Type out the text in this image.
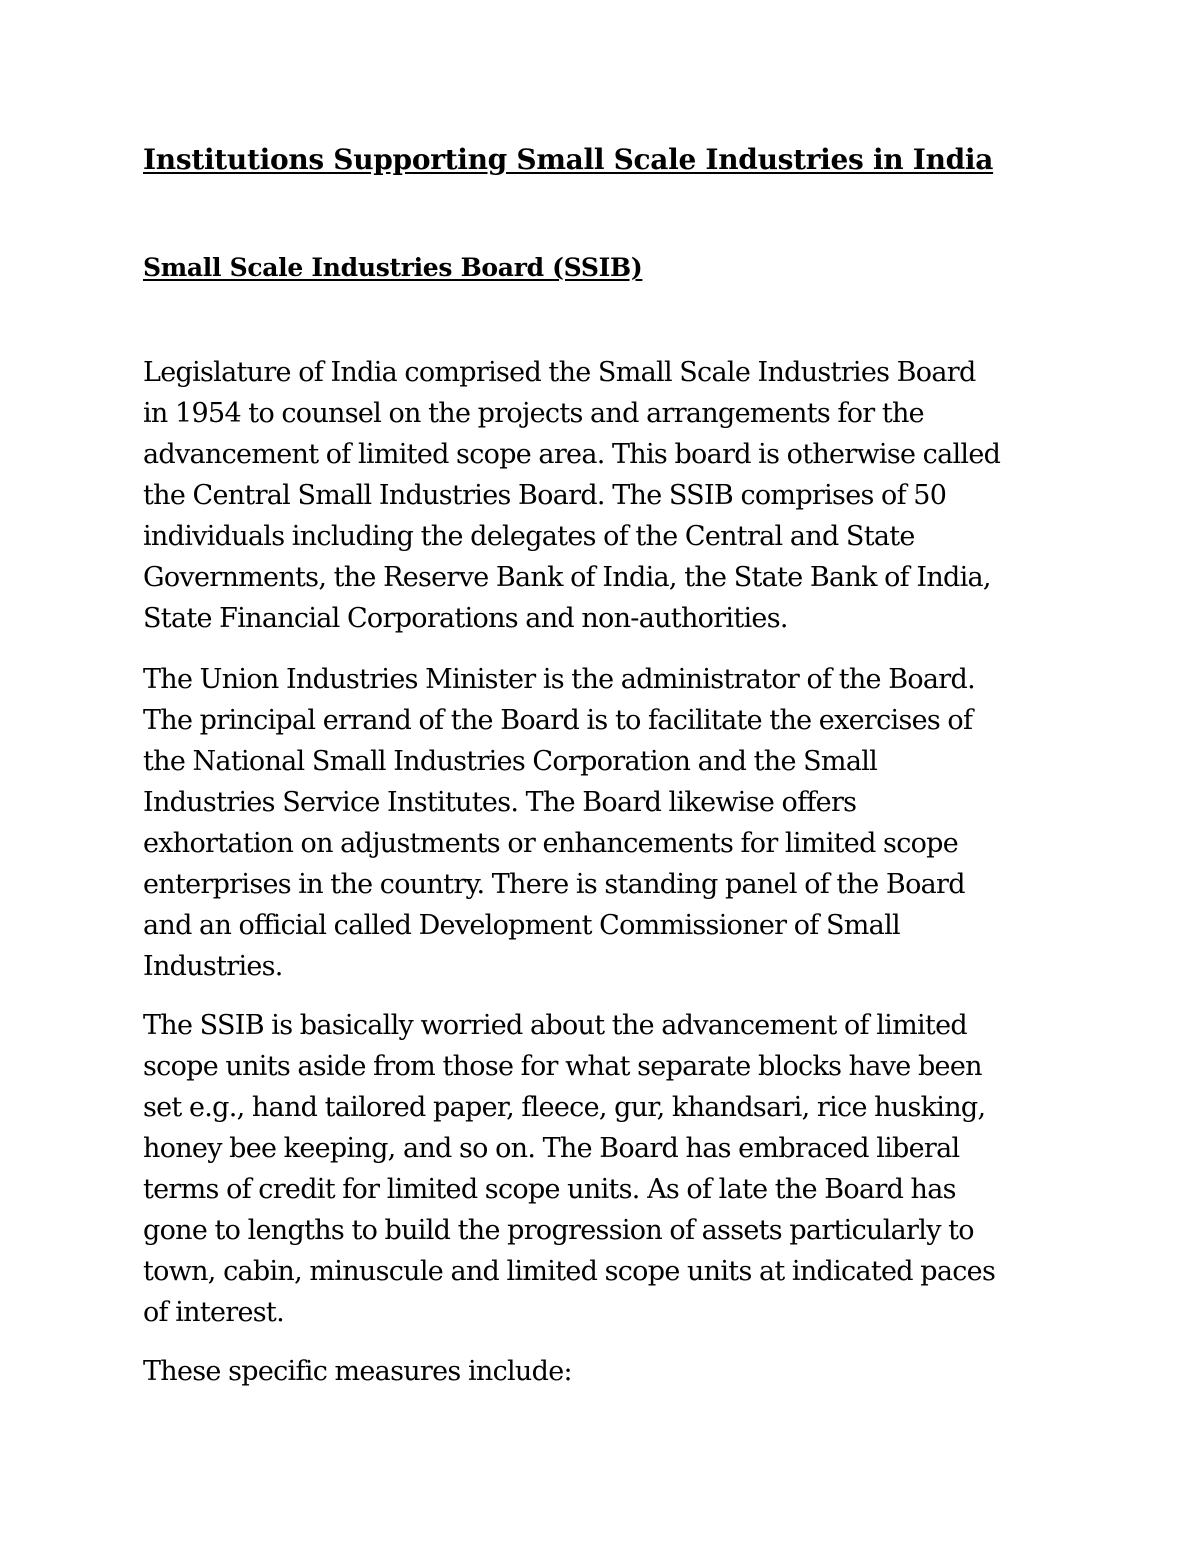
Institutions Supporting Small Scale Industries in India
Small Scale Industries Board (SSIB)

Legislature of India comprised the Small Scale Industries Board
in 1954 to counsel on the projects and arrangements for the
advancement of limited scope area. This board is otherwise called
the Central Small Industries Board. The SSIB comprises of 50
individuals including the delegates of the Central and State
Governments, the Reserve Bank of India, the State Bank of India,
State Financial Corporations and non-authorities.

The Union Industries Minister is the administrator of the Board.
The principal errand of the Board is to facilitate the exercises of
the National Small Industries Corporation and the Small
Industries Service Institutes. The Board likewise offers
exhortation on adjustments or enhancements for limited scope
enterprises in the country. There is standing panel of the Board
and an official called Development Commissioner of Small
Industries.

The SSIB is basically worried about the advancement of limited
scope units aside from those for what separate blocks have been
set e.g., hand tailored paper, fleece, gur, khandsari, rice husking,
honey bee keeping, and so on. The Board has embraced liberal
terms of credit for limited scope units. As of late the Board has
gone to lengths to build the progression of assets particularly to
town, cabin, minuscule and limited scope units at indicated paces
of interest.

These specific measures include:
